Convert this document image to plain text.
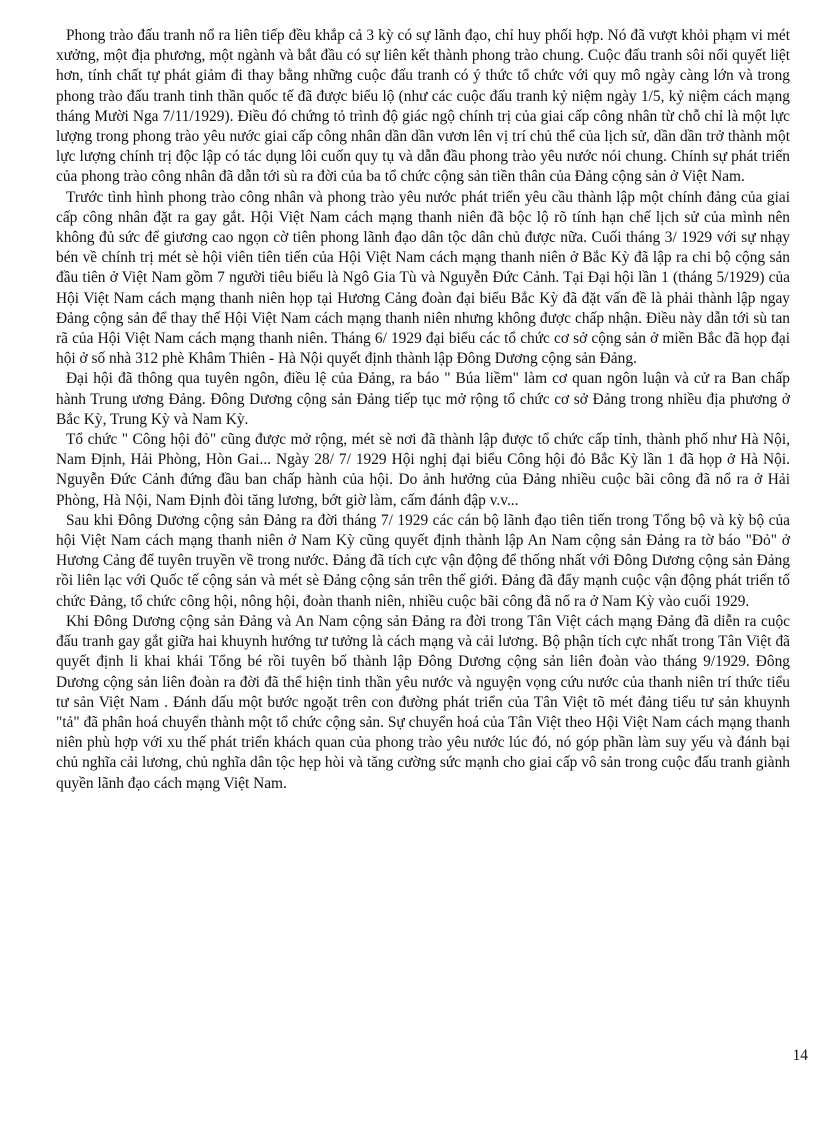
Phong trào đấu tranh nổ ra liên tiếp đều khắp cả 3 kỳ có sự lãnh đạo, chỉ huy phối hợp. Nó đã vượt khỏi phạm vi mét xưởng, một địa phương, một ngành và bắt đầu có sự liên kết thành phong trào chung. Cuộc đấu tranh sôi nổi quyết liệt hơn, tính chất tự phát giảm đi thay bằng những cuộc đấu tranh có ý thức tổ chức với quy mô ngày càng lớn và trong phong trào đấu tranh tinh thần quốc tế đã được biểu lộ (như các cuộc đấu tranh kỷ niệm ngày 1/5, kỷ niệm cách mạng tháng Mười Nga 7/11/1929). Điều đó chứng tỏ trình độ giác ngộ chính trị của giai cấp công nhân từ chỗ chỉ là một lực lượng trong phong trào yêu nước giai cấp công nhân dần dần vươn lên vị trí chủ thể của lịch sử, dần dần trở thành một lực lượng chính trị độc lập có tác dụng lôi cuốn quy tụ và dẫn đầu phong trào yêu nước nói chung. Chính sự phát triển của phong trào công nhân đã dẫn tới sù ra đời của ba tổ chức cộng sản tiền thân của Đảng cộng sản ở Việt Nam.

Trước tình hình phong trào công nhân và phong trào yêu nước phát triển yêu cầu thành lập một chính đảng của giai cấp công nhân đặt ra gay gắt. Hội Việt Nam cách mạng thanh niên đã bộc lộ rõ tính hạn chế lịch sử của mình nên không đủ sức để giương cao ngọn cờ tiên phong lãnh đạo dân tộc dân chủ được nữa. Cuối tháng 3/ 1929 với sự nhạy bén về chính trị mét sè hội viên tiên tiến của Hội Việt Nam cách mạng thanh niên ở Bắc Kỳ đã lập ra chi bộ cộng sản đầu tiên ở Việt Nam gồm 7 người tiêu biểu là Ngô Gia Tù và Nguyễn Đức Cảnh. Tại Đại hội lần 1 (tháng 5/1929) của Hội Việt Nam cách mạng thanh niên họp tại Hương Cảng đoàn đại biểu Bắc Kỳ đã đặt vấn đề là phải thành lập ngay Đảng cộng sản để thay thế Hội Việt Nam cách mạng thanh niên nhưng không được chấp nhận. Điều này dẫn tới sù tan rã của Hội Việt Nam cách mạng thanh niên. Tháng 6/ 1929 đại biểu các tổ chức cơ sở cộng sản ở miền Bắc đã họp đại hội ở số nhà 312 phè Khâm Thiên - Hà Nội quyết định thành lập Đông Dương cộng sản Đảng.

Đại hội đã thông qua tuyên ngôn, điều lệ của Đảng, ra báo " Búa liềm" làm cơ quan ngôn luận và cử ra Ban chấp hành Trung ương Đảng. Đông Dương cộng sản Đảng tiếp tục mở rộng tổ chức cơ sở Đảng trong nhiều địa phương ở Bắc Kỳ, Trung Kỳ và Nam Kỳ.

Tổ chức " Công hội đỏ" cũng được mở rộng, mét sè nơi đã thành lập được tổ chức cấp tỉnh, thành phố như Hà Nội, Nam Định, Hải Phòng, Hòn Gai... Ngày 28/ 7/ 1929 Hội nghị đại biểu Công hội đỏ Bắc Kỳ lần 1 đã họp ở Hà Nội. Nguyễn Đức Cảnh đứng đầu ban chấp hành của hội. Do ảnh hưởng của Đảng nhiều cuộc bãi công đã nổ ra ở Hải Phòng, Hà Nội, Nam Định đòi tăng lương, bớt giờ làm, cấm đánh đập v.v...

Sau khi Đông Dương cộng sản Đảng ra đời tháng 7/ 1929 các cán bộ lãnh đạo tiên tiến trong Tổng bộ và kỳ bộ của hội Việt Nam cách mạng thanh niên ở Nam Kỳ cũng quyết định thành lập An Nam cộng sản Đảng ra tờ báo "Đỏ" ở Hương Cảng để tuyên truyền về trong nước. Đảng đã tích cực vận động để thống nhất với Đông Dương cộng sản Đảng rồi liên lạc với Quốc tế cộng sản và mét sè Đảng cộng sản trên thế giới. Đảng đã đẩy mạnh cuộc vận động phát triển tổ chức Đảng, tổ chức công hội, nông hội, đoàn thanh niên, nhiều cuộc bãi công đã nổ ra ở Nam Kỳ vào cuối 1929.

Khi Đông Dương cộng sản Đảng và An Nam cộng sản Đảng ra đời trong Tân Việt cách mạng Đảng đã diễn ra cuộc đấu tranh gay gắt giữa hai khuynh hướng tư tưởng là cách mạng và cải lương. Bộ phận tích cực nhất trong Tân Việt đã quyết định li khai khái Tổng bé rồi tuyên bố thành lập Đông Dương cộng sản liên đoàn vào tháng 9/1929. Đông Dương cộng sản liên đoàn ra đời đã thể hiện tinh thần yêu nước và nguyện vọng cứu nước của thanh niên trí thức tiểu tư sản Việt Nam . Đánh dấu một bước ngoặt trên con đường phát triển của Tân Việt tõ mét đảng tiểu tư sản khuynh "tả" đã phân hoá chuyển thành một tổ chức cộng sản. Sự chuyển hoá của Tân Việt theo Hội Việt Nam cách mạng thanh niên phù hợp với xu thế phát triển khách quan của phong trào yêu nước lúc đó, nó góp phần làm suy yếu và đánh bại chủ nghĩa cải lương, chủ nghĩa dân tộc hẹp hòi và tăng cường sức mạnh cho giai cấp vô sản trong cuộc đấu tranh giành quyền lãnh đạo cách mạng Việt Nam.

14
